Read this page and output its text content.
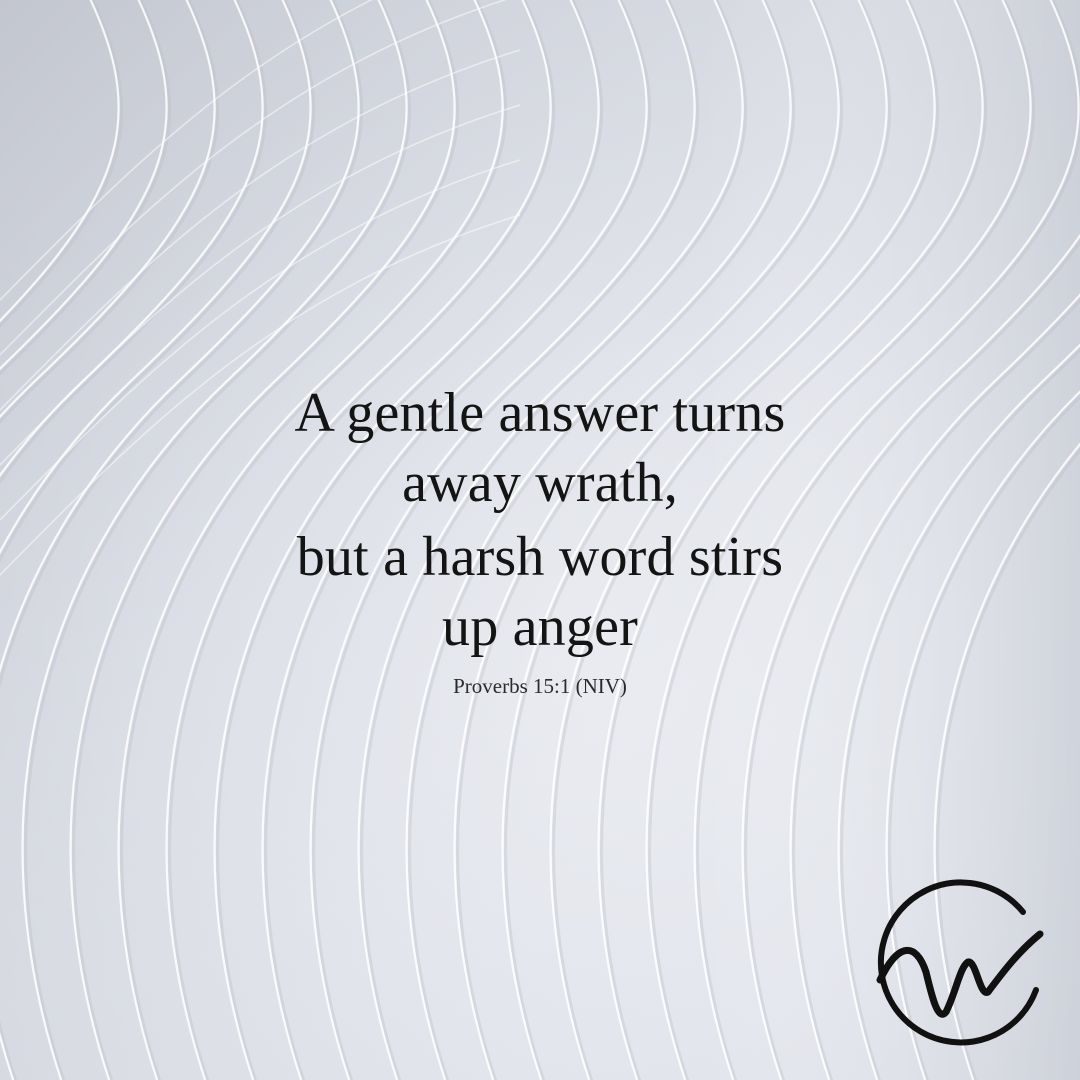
A gentle answer turns

away wrath,

but a harsh word stirs

up anger

Proverbs 15:1 (NIV)
